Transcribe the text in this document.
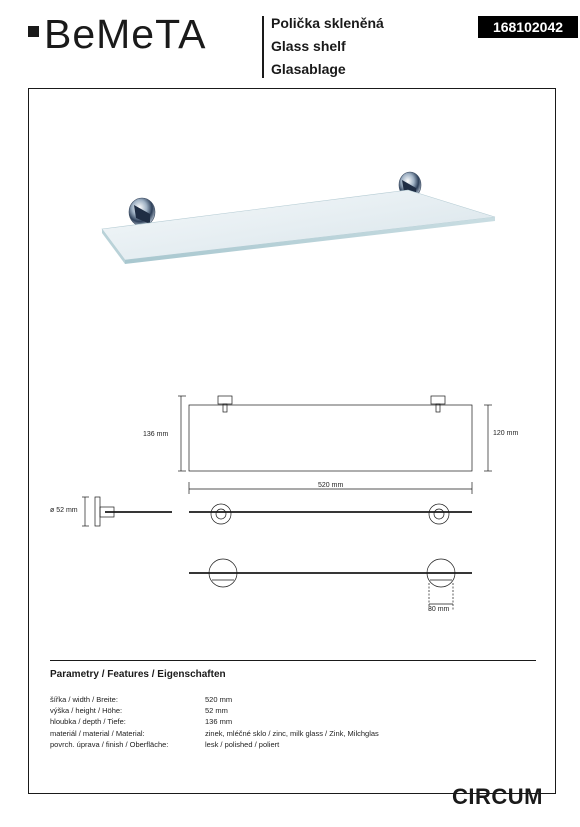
BeMeTA	Polička skleněná
Glass shelf
Glasablage
168102042
136 mm	120 mm
520 mm
ø 52 mm
30 mm
Parametry / Features / Eigenschaften
šířka / width / Breite:	520 mm
výška / height / Höhe:	52 mm
hloubka / depth / Tiefe:	136 mm
materiál / material / Material:	zinek, mléčné sklo / zinc, milk glass / Zink, Milchglas
povrch. úprava / finish / Oberfläche:	lesk / polished / poliert
CIRCUM
